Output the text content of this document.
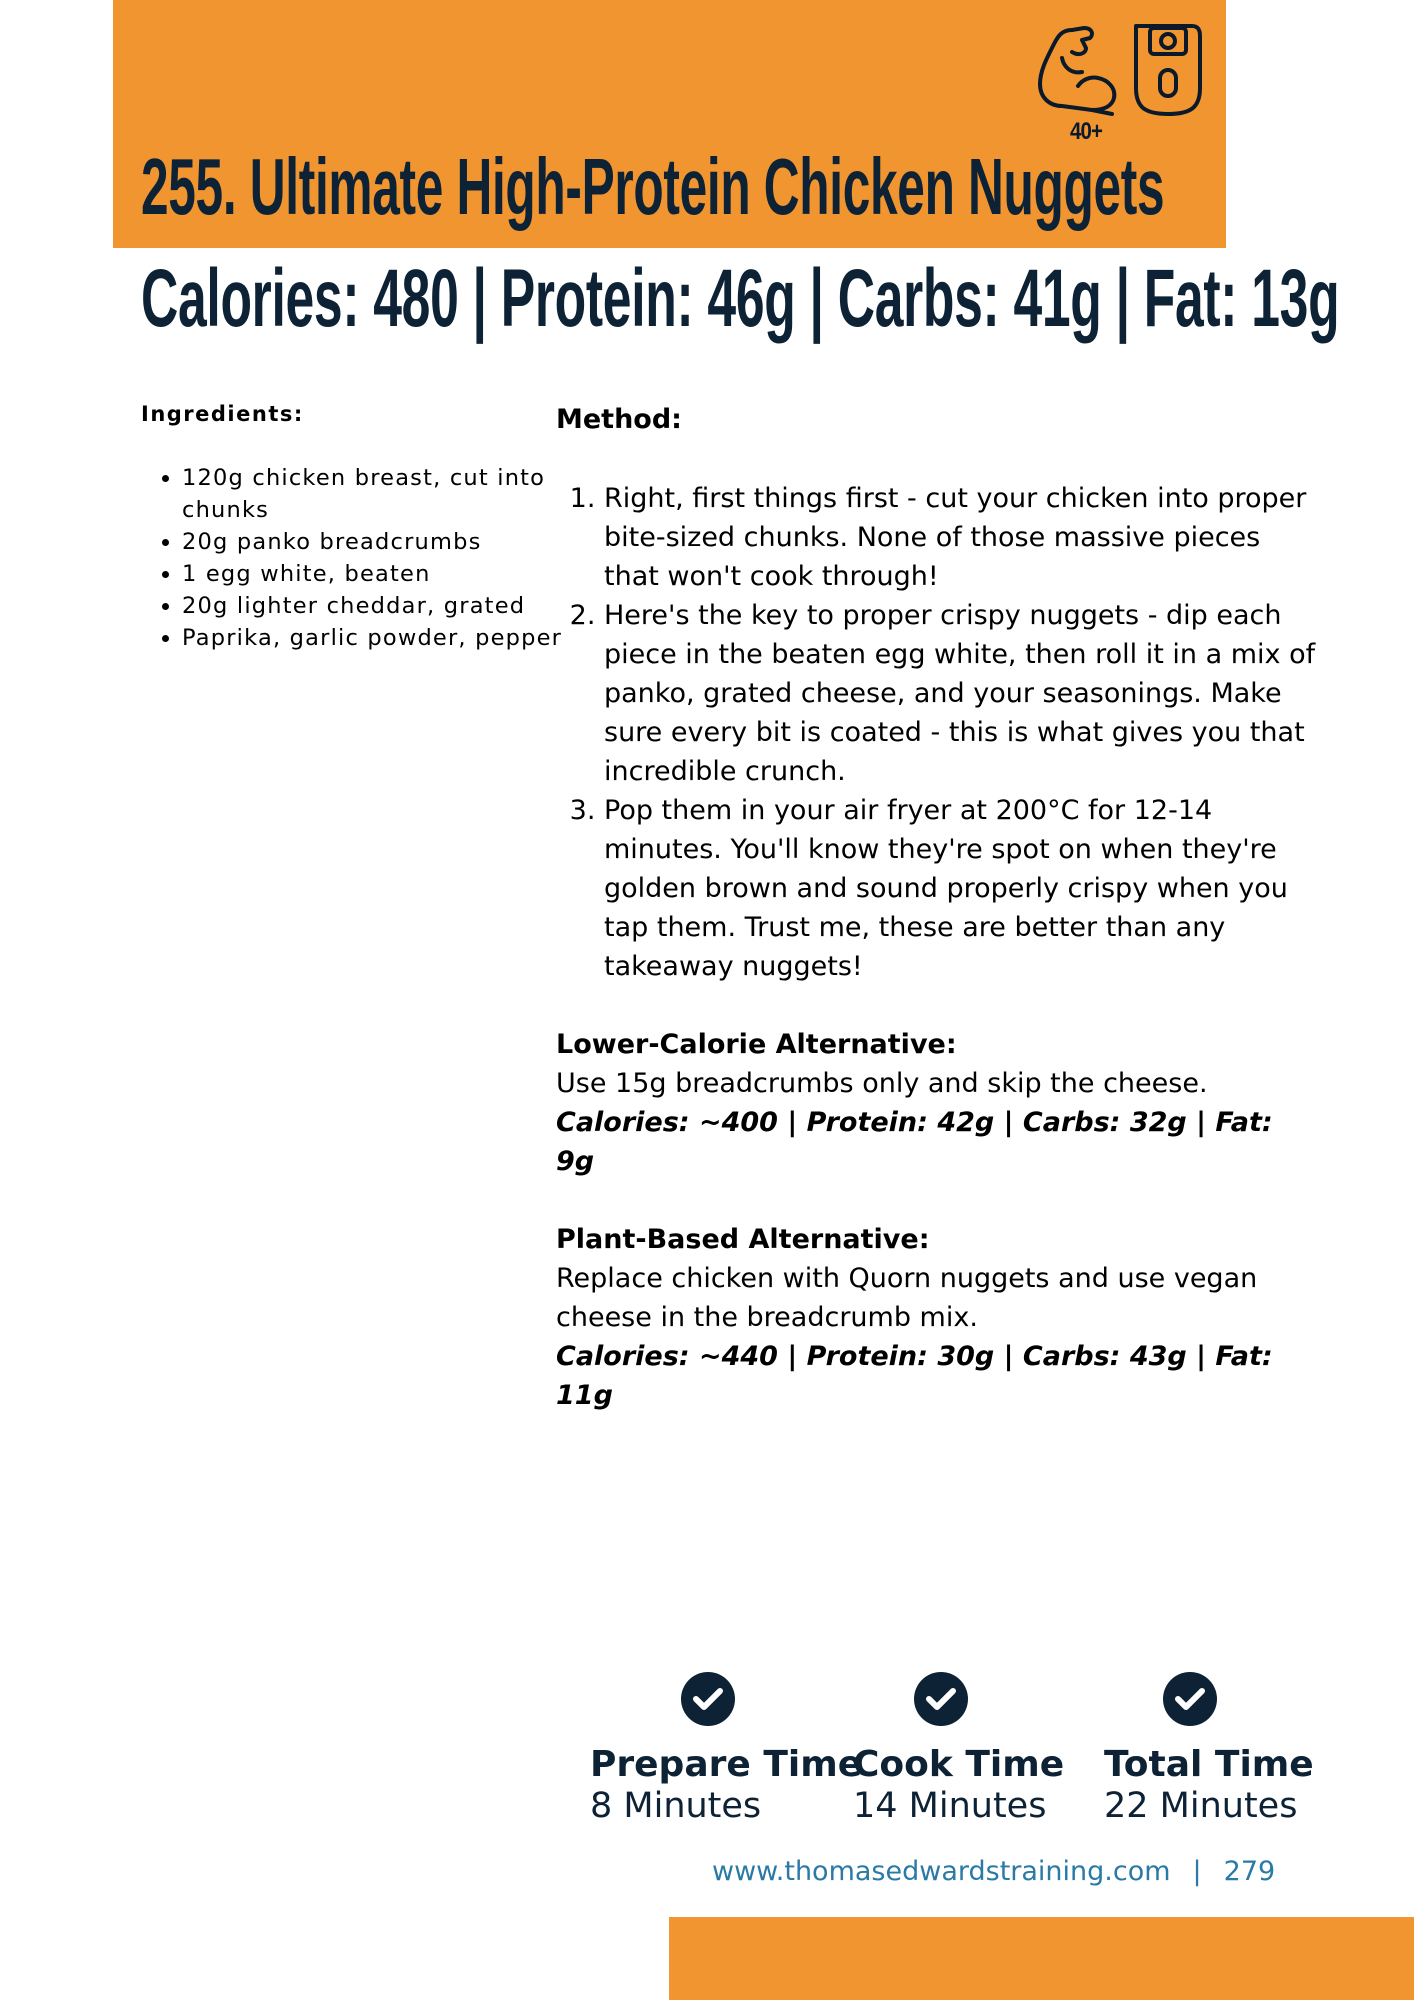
40+
255. Ultimate High-Protein Chicken Nuggets
Calories: 480 | Protein: 46g | Carbs: 41g | Fat: 13g
Ingredients:
• 120g chicken breast, cut into chunks
• 20g panko breadcrumbs
• 1 egg white, beaten
• 20g lighter cheddar, grated
• Paprika, garlic powder, pepper
Method:
1. Right, first things first - cut your chicken into proper bite-sized chunks. None of those massive pieces that won't cook through!
2. Here's the key to proper crispy nuggets - dip each piece in the beaten egg white, then roll it in a mix of panko, grated cheese, and your seasonings. Make sure every bit is coated - this is what gives you that incredible crunch.
3. Pop them in your air fryer at 200°C for 12-14 minutes. You'll know they're spot on when they're golden brown and sound properly crispy when you tap them. Trust me, these are better than any takeaway nuggets!
Lower-Calorie Alternative:
Use 15g breadcrumbs only and skip the cheese.
Calories: ~400 | Protein: 42g | Carbs: 32g | Fat: 9g
Plant-Based Alternative:
Replace chicken with Quorn nuggets and use vegan cheese in the breadcrumb mix.
Calories: ~440 | Protein: 30g | Carbs: 43g | Fat: 11g
Prepare Time
8 Minutes
Cook Time
14 Minutes
Total Time
22 Minutes
www.thomasedwardstraining.com | 279
